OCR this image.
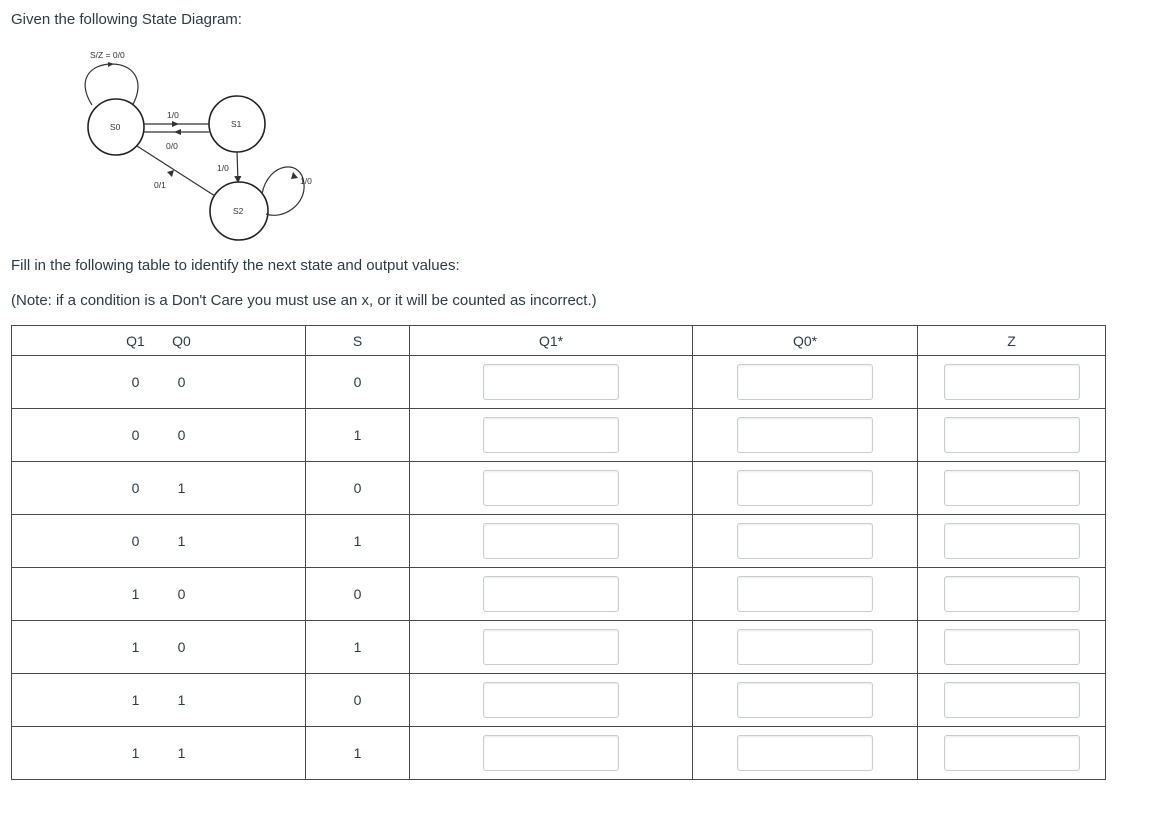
Given the following State Diagram:
S/Z = 0/0
S0	S1
S2
1/0
0/0
1/0
1/0
0/1
Fill in the following table to identify the next state and output values:
(Note: if a condition is a Don't Care you must use an x, or it will be counted as incorrect.)
Q1 Q0	S	Q1*	Q0*	Z
0 0	0			
0 0	1			
0 1	0			
0 1	1			
1 0	0			
1 0	1			
1 1	0			
1 1	1			
